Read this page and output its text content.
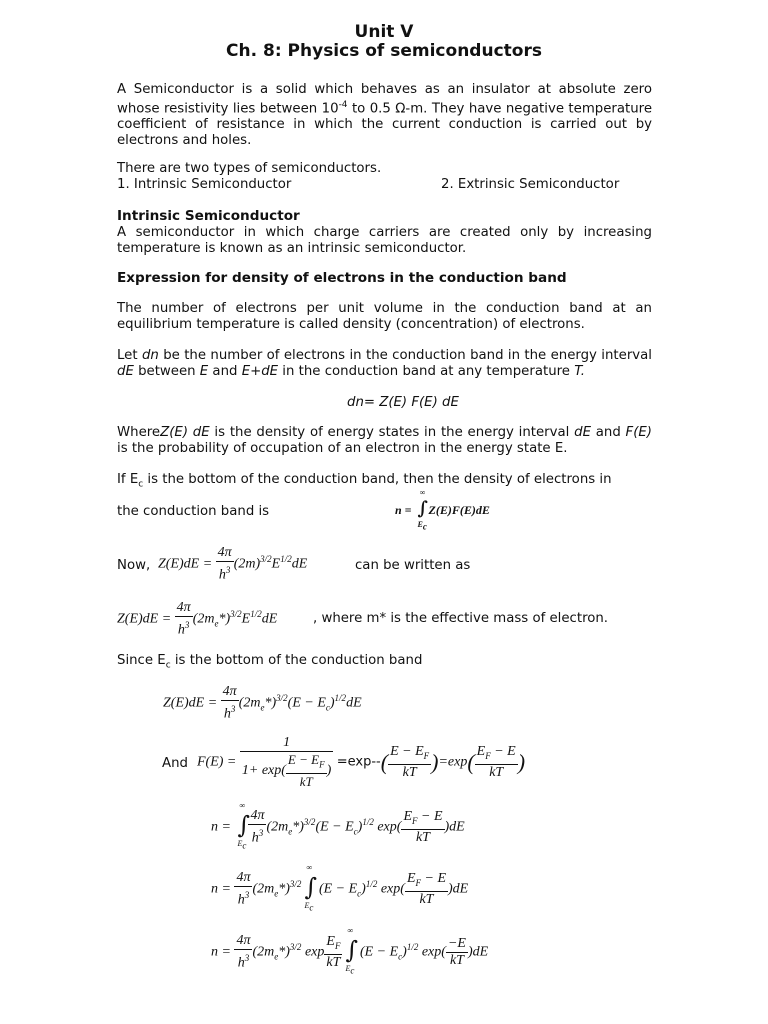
Unit V
Ch. 8: Physics of semiconductors
A Semiconductor is a solid which behaves as an insulator at absolute zero whose resistivity lies between $10^{-4}$ to 0.5 Ω-m. They have negative temperature coefficient of resistance in which the current conduction is carried out by electrons and holes.
There are two types of semiconductors.
1. Intrinsic Semiconductor	2. Extrinsic Semiconductor
Intrinsic Semiconductor
A semiconductor in which charge carriers are created only by increasing temperature is known as an intrinsic semiconductor.
Expression for density of electrons in the conduction band
The number of electrons per unit volume in the conduction band at an equilibrium temperature is called density (concentration) of electrons.
Let dn be the number of electrons in the conduction band in the energy interval dE between E and E+dE in the conduction band at any temperature T.
dn= Z(E) F(E) dE
WhereZ(E) dE is the density of energy states in the energy interval dE and F(E) is the probability of occupation of an electron in the energy state E.
If $E_c$ is the bottom of the conduction band, then the density of electrons in
the conduction band is	n = ∫
∞
$E_c$
Z(E)F(E)dE
Now, $Z(E)dE = \frac{4\pi}{h^3} (2m)^{3/2}E^{1/2}dE$	can be written as
$Z(E)dE = \frac{4\pi}{h^3} (2m_e*)^{3/2}E^{1/2}dE$	, where m* is the effective mass of electron.
Since $E_c$ is the bottom of the conduction band
$Z(E)dE = \frac{4\pi}{h^3} (2m_e*)^{3/2}(E - E_c)^{1/2}dE$
And $F(E) = \frac{1}{1+ \exp( \frac{E - E_F}{kT} )} =\exp--( \frac{E - E_F}{kT} )=\exp( \frac{E_F - E}{kT}$ )
n = ∫
∞
$E_c \frac{4\pi}{h^3} (2m_e*)^{3/2}(E - E_c)^{1/2}$ $\exp( \frac{E_F - E}{kT} )dE$
$n = \frac{4\pi}{h^3} (2m_e*)^{3/2}$ ∫
∞
$E_c$
$(E - E_c)^{1/2}$ $\exp( \frac{E_F - E}{kT} )dE$
$n = \frac{4\pi}{h^3} (2m_e*)^{3/2}$ $\exp \frac{E_F}{kT}$ ∫
∞
$E_c$
$(E - E_c)^{1/2}$ $\exp( \frac{-E}{kT} )dE$
